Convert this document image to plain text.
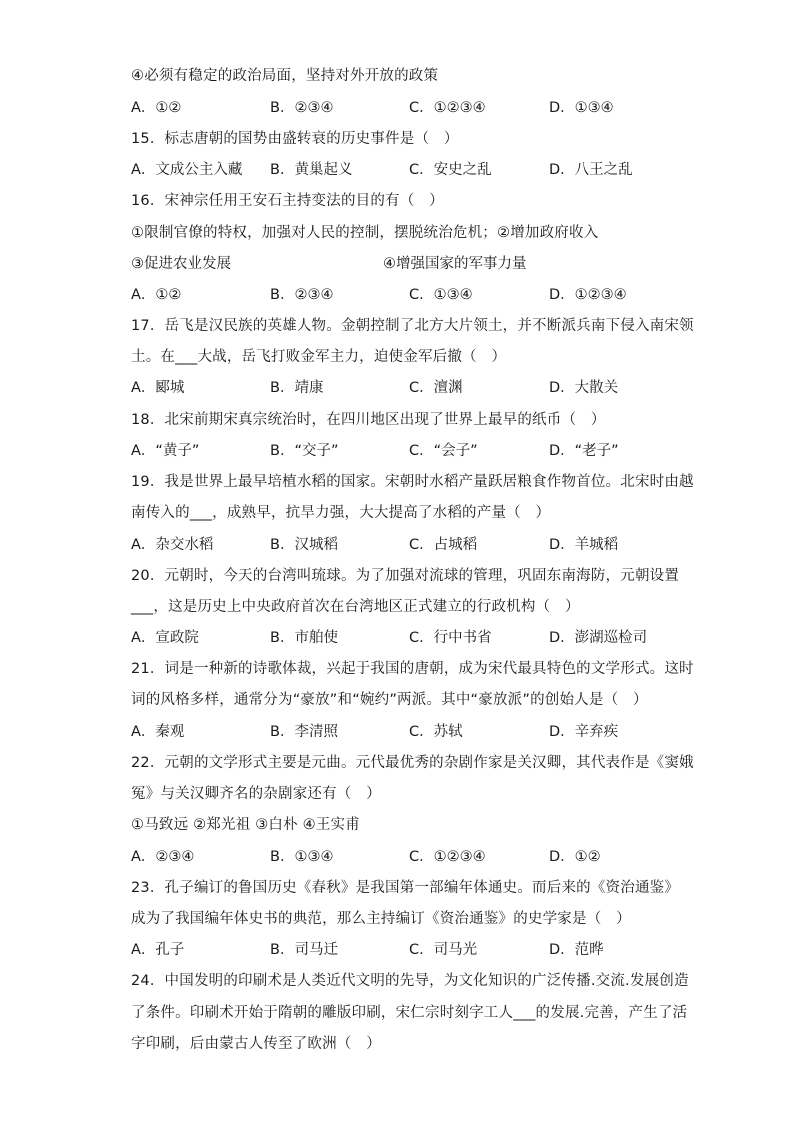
④必须有稳定的政治局面，坚持对外开放的政策
A．①②	B．②③④	C．①②③④	D．①③④
15．标志唐朝的国势由盛转衰的历史事件是（　）
A．文成公主入藏 B．黄巢起义	C．安史之乱	D．八王之乱
16．宋神宗任用王安石主持变法的目的有（　）
①限制官僚的特权，加强对人民的控制，摆脱统治危机；②增加政府收入
③促进农业发展	④增强国家的军事力量
A．①②	B．②③④	C．①③④	D．①②③④
17．岳飞是汉民族的英雄人物。金朝控制了北方大片领土，并不断派兵南下侵入南宋领
土。在___大战，岳飞打败金军主力，迫使金军后撤（　）
A．郾城	B．靖康	C．澶渊	D．大散关
18．北宋前期宋真宗统治时，在四川地区出现了世界上最早的纸币（　）
A．“黄子”	B．“交子”	C．“会子”	D．“老子”
19．我是世界上最早培植水稻的国家。宋朝时水稻产量跃居粮食作物首位。北宋时由越
南传入的___，成熟早，抗旱力强，大大提高了水稻的产量（　）
A．杂交水稻	B．汉城稻	C．占城稻	D．羊城稻
20．元朝时，今天的台湾叫琉球。为了加强对流球的管理，巩固东南海防，元朝设置
___，这是历史上中央政府首次在台湾地区正式建立的行政机构（　）
A．宣政院	B．市舶使	C．行中书省	D．澎湖巡检司
21．词是一种新的诗歌体裁，兴起于我国的唐朝，成为宋代最具特色的文学形式。这时
词的风格多样，通常分为“豪放”和“婉约”两派。其中“豪放派”的创始人是（　）
A．秦观	B．李清照	C．苏轼	D．辛弃疾
22．元朝的文学形式主要是元曲。元代最优秀的杂剧作家是关汉卿，其代表作是《窦娥
冤》与关汉卿齐名的杂剧家还有（　）
①马致远 ②郑光祖 ③白朴 ④王实甫
A．②③④	B．①③④	C．①②③④	D．①②
23．孔子编订的鲁国历史《春秋》是我国第一部编年体通史。而后来的《资治通鉴》
成为了我国编年体史书的典范，那么主持编订《资治通鉴》的史学家是（　）
A．孔子	B．司马迁	C．司马光	D．范晔
24．中国发明的印刷术是人类近代文明的先导，为文化知识的广泛传播.交流.发展创造
了条件。印刷术开始于隋朝的雕版印刷，宋仁宗时刻字工人___的发展.完善，产生了活
字印刷，后由蒙古人传至了欧洲（　）
